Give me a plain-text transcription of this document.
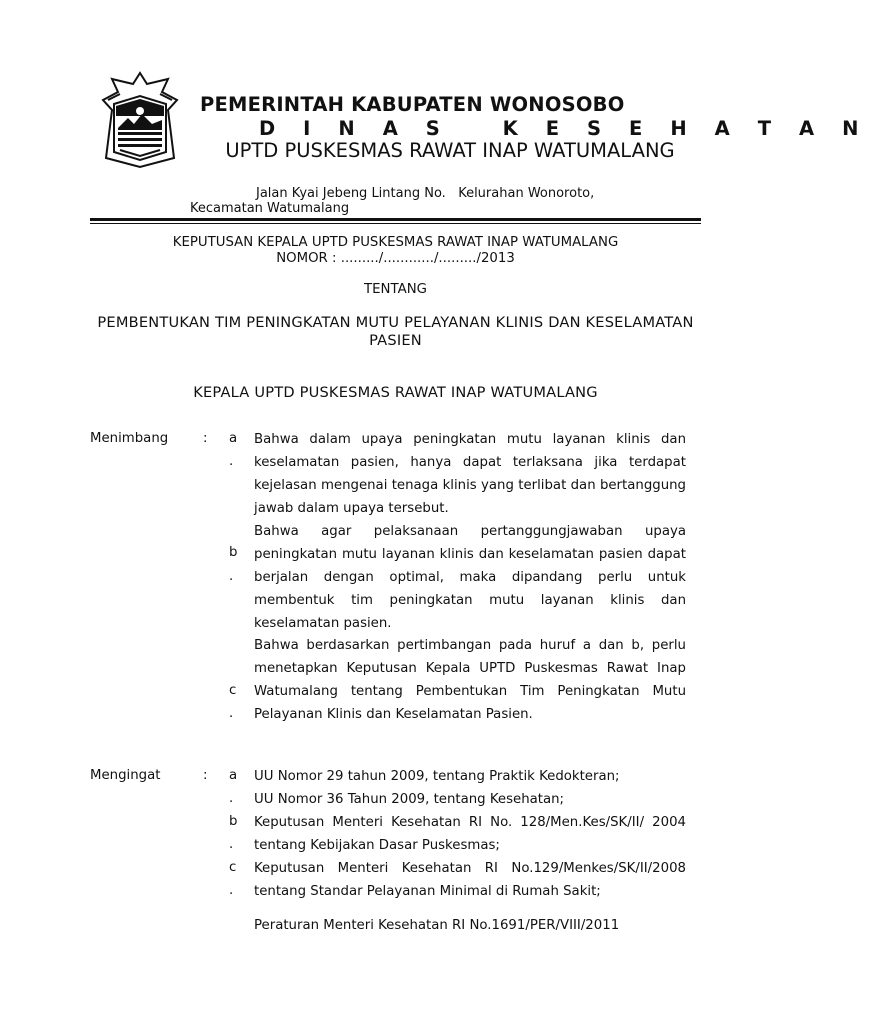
PEMERINTAH KABUPATEN WONOSOBO
D I N A S   K E S E H A T A N
UPTD PUSKESMAS RAWAT INAP WATUMALANG
Jalan Kyai Jebeng Lintang No.   Kelurahan Wonoroto,
Kecamatan Watumalang
KEPUTUSAN KEPALA UPTD PUSKESMAS RAWAT INAP WATUMALANG
NOMOR : ........./............/........./2013
TENTANG
PEMBENTUKAN TIM PENINGKATAN MUTU PELAYANAN KLINIS DAN KESELAMATAN PASIEN
KEPALA UPTD PUSKESMAS RAWAT INAP WATUMALANG
Menimbang	: a
.
b
.
c
.
Bahwa dalam upaya peningkatan mutu layanan klinis dan keselamatan pasien, hanya dapat terlaksana jika terdapat kejelasan mengenai tenaga klinis yang terlibat dan bertanggung jawab dalam upaya tersebut.
Bahwa agar pelaksanaan pertanggungjawaban upaya peningkatan mutu layanan klinis dan keselamatan pasien dapat berjalan dengan optimal, maka dipandang perlu untuk membentuk tim peningkatan mutu layanan klinis dan keselamatan pasien.
Bahwa berdasarkan pertimbangan pada huruf a dan b, perlu menetapkan Keputusan Kepala UPTD Puskesmas Rawat Inap Watumalang tentang Pembentukan Tim Peningkatan Mutu Pelayanan Klinis dan Keselamatan Pasien.
Mengingat	: a
.
b
.
c
.
UU Nomor 29 tahun 2009, tentang Praktik Kedokteran;
UU Nomor 36 Tahun 2009, tentang Kesehatan;
Keputusan Menteri Kesehatan RI No. 128/Men.Kes/SK/II/ 2004 tentang Kebijakan Dasar Puskesmas;
Keputusan Menteri Kesehatan RI No.129/Menkes/SK/II/2008 tentang Standar Pelayanan Minimal di Rumah Sakit;
Peraturan Menteri Kesehatan RI No.1691/PER/VIII/2011
